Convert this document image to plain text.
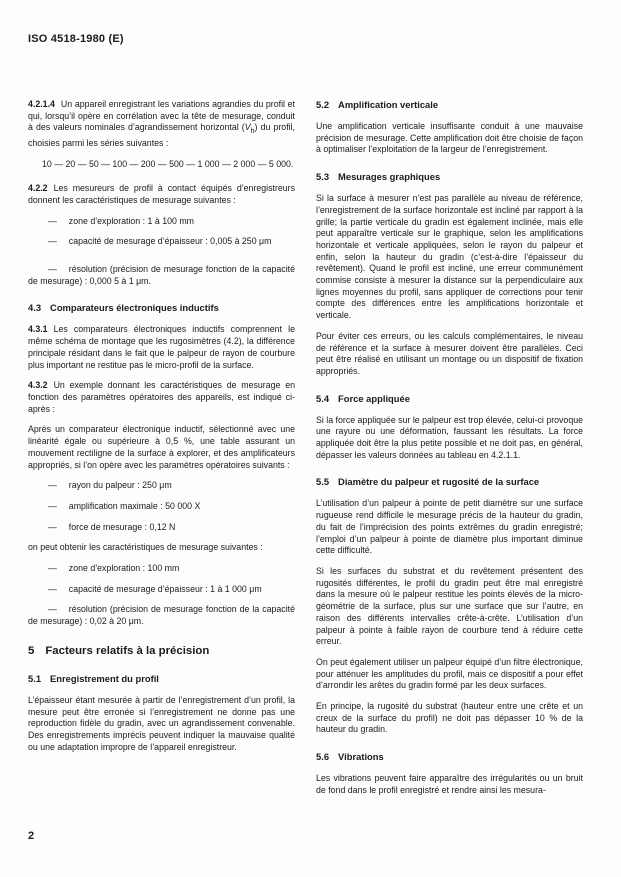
ISO 4518-1980 (E)

4.2.1.4 Un appareil enregistrant les variations agrandies du profil et qui, lorsqu’il opère en corrélation avec la tête de mesurage, conduit à des valeurs nominales d’agrandissement horizontal $(V_h)$ du profil, choisies parmi les séries suivantes :

10 — 20 — 50 — 100 — 200 — 500 — 1 000 — 2 000 — 5 000.

4.2.2 Les mesureurs de profil à contact équipés d’enregistreurs donnent les caractéristiques de mesurage suivantes :

— zone d’exploration : 1 à 100 mm
— capacité de mesurage d’épaisseur : 0,005 à 250 μm
— résolution (précision de mesurage fonction de la capacité de mesurage) : 0,000 5 à 1 μm.
4.3 Comparateurs électroniques inductifs

4.3.1 Les comparateurs électroniques inductifs comprennent le même schéma de montage que les rugosimètres (4.2), la différence principale résidant dans le fait que le palpeur de rayon de courbure plus important ne restitue pas le micro-profil de la surface.

4.3.2 Un exemple donnant les caractéristiques de mesurage en fonction des paramètres opératoires des appareils, est indiqué ci-après :

Après un comparateur électronique inductif, sélectionné avec une linéarité égale ou supérieure à 0,5 %, une table assurant un mouvement rectiligne de la surface à explorer, et des amplificateurs appropriés, si l’on opère avec les paramètres opératoires suivants :

— rayon du palpeur : 250 μm
— amplification maximale : 50 000 X
— force de mesurage : 0,12 N

on peut obtenir les caractéristiques de mesurage suivantes :

— zone d’exploration : 100 mm
— capacité de mesurage d’épaisseur : 1 à 1 000 μm
— résolution (précision de mesurage fonction de la capacité de mesurage) : 0,02 à 20 μm.
5 Facteurs relatifs à la précision
5.1 Enregistrement du profil

L’épaisseur étant mesurée à partir de l’enregistrement d’un profil, la mesure peut être erronée si l’enregistrement ne donne pas une reproduction fidèle du gradin, avec un agrandissement convenable. Des enregistrements imprécis peuvent indiquer la mauvaise qualité ou une adaptation impropre de l’appareil enregistreur.

5.2 Amplification verticale

Une amplification verticale insuffisante conduit à une mauvaise précision de mesurage. Cette amplification doit être choisie de façon à optimaliser l’exploitation de la largeur de l’enregistrement.

5.3 Mesurages graphiques

Si la surface à mesurer n’est pas parallèle au niveau de référence, l’enregistrement de la surface horizontale est incliné par rapport à la grille; la partie verticale du gradin est également inclinée, mais elle peut apparaître verticale sur le graphique, selon les amplifications horizontale et verticale appliquées, selon le rayon du palpeur et enfin, selon la hauteur du gradin (c’est-à-dire l’épaisseur du revêtement). Quand le profil est incliné, une erreur communément commise consiste à mesurer la distance sur la perpendiculaire aux lignes moyennes du profil, sans appliquer de corrections pour tenir compte des différences entre les amplifications horizontale et verticale.

Pour éviter ces erreurs, ou les calculs complémentaires, le niveau de référence et la surface à mesurer doivent être parallèles. Ceci peut être réalisé en utilisant un montage ou un dispositif de fixation appropriés.

5.4 Force appliquée

Si la force appliquée sur le palpeur est trop élevée, celui-ci provoque une rayure ou une déformation, faussant les résultats. La force appliquée doit être la plus petite possible et ne doit pas, en général, dépasser les valeurs données au tableau en 4.2.1.1.

5.5 Diamètre du palpeur et rugosité de la surface

L’utilisation d’un palpeur à pointe de petit diamètre sur une surface rugueuse rend difficile le mesurage précis de la hauteur du gradin, du fait de l’imprécision des points extrêmes du gradin enregistré; l’emploi d’un palpeur à pointe de diamètre plus important diminue cette difficulté.

Si les surfaces du substrat et du revêtement présentent des rugosités différentes, le profil du gradin peut être mal enregistré dans la mesure où le palpeur restitue les points élevés de la micro-géométrie de la surface, plus sur une surface que sur l’autre, en raison des différents intervalles crête-à-crête. L’utilisation d’un palpeur à pointe à faible rayon de courbure tend à réduire cette erreur.

On peut également utiliser un palpeur équipé d’un filtre électronique, pour atténuer les amplitudes du profil, mais ce dispositif a pour effet d’arrondir les arêtes du gradin formé par les deux surfaces.

En principe, la rugosité du substrat (hauteur entre une crête et un creux de la surface du profil) ne doit pas dépasser 10 % de la hauteur du gradin.

5.6 Vibrations

Les vibrations peuvent faire apparaître des irrégularités ou un bruit de fond dans le profil enregistré et rendre ainsi les mesura-

2
